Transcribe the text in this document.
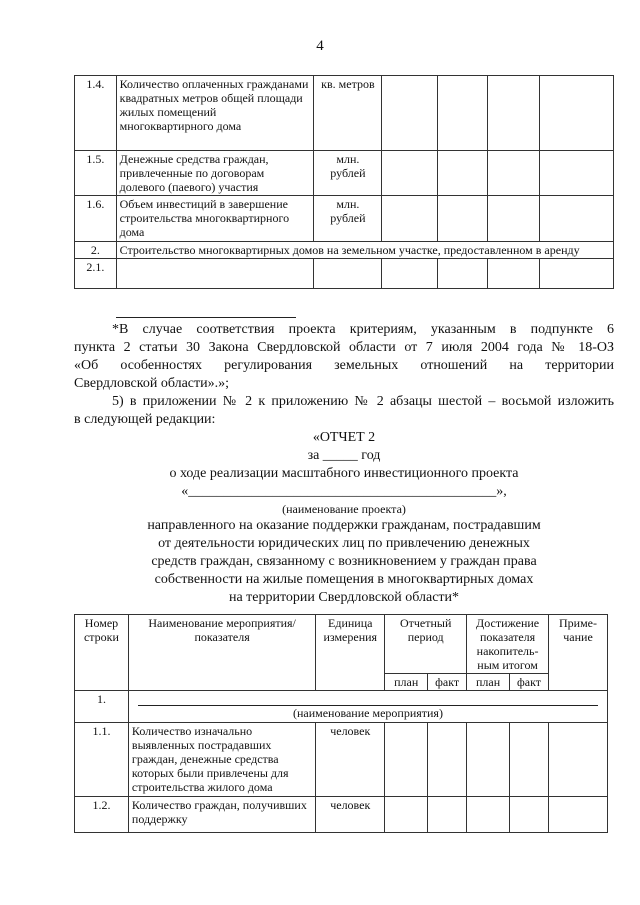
4
1.4.	Количество оплаченных гражданами квадратных метров общей площади жилых помещений многоквартирного дома	кв. метров				
1.5.	Денежные средства граждан, привлеченные по договорам долевого (паевого) участия	млн. рублей				
1.6.	Объем инвестиций в завершение строительства многоквартирного дома	млн. рублей				
2.	Строительство многоквартирных домов на земельном участке, предоставленном в аренду					
2.1.						
*В случае соответствия проекта критериям, указанным в подпункте 6
пункта 2 статьи 30 Закона Свердловской области от 7 июля 2004 года № 18-ОЗ
«Об особенностях регулирования земельных отношений на территории
Свердловской области».»;
5) в приложении № 2 к приложению № 2 абзацы шестой – восьмой изложить
в следующей редакции:
«ОТЧЕТ 2
за _____ год
о ходе реализации масштабного инвестиционного проекта
«____________________________________________»,
(наименование проекта)
направленного на оказание поддержки гражданам, пострадавшим
от деятельности юридических лиц по привлечению денежных
средств граждан, связанному с возникновением у граждан права
собственности на жилые помещения в многоквартирных домах
на территории Свердловской области*
Номер строки	Наименование мероприятия/показателя	Единица измерения	Отчетный период		Достижение показателя накопитель-ным итогом		Приме-чание
			план	факт	план	факт	
1.	(наименование мероприятия)						
1.1.	Количество изначально выявленных пострадавших граждан, денежные средства которых были привлечены для строительства жилого дома	человек					
1.2.	Количество граждан, получивших поддержку	человек					
